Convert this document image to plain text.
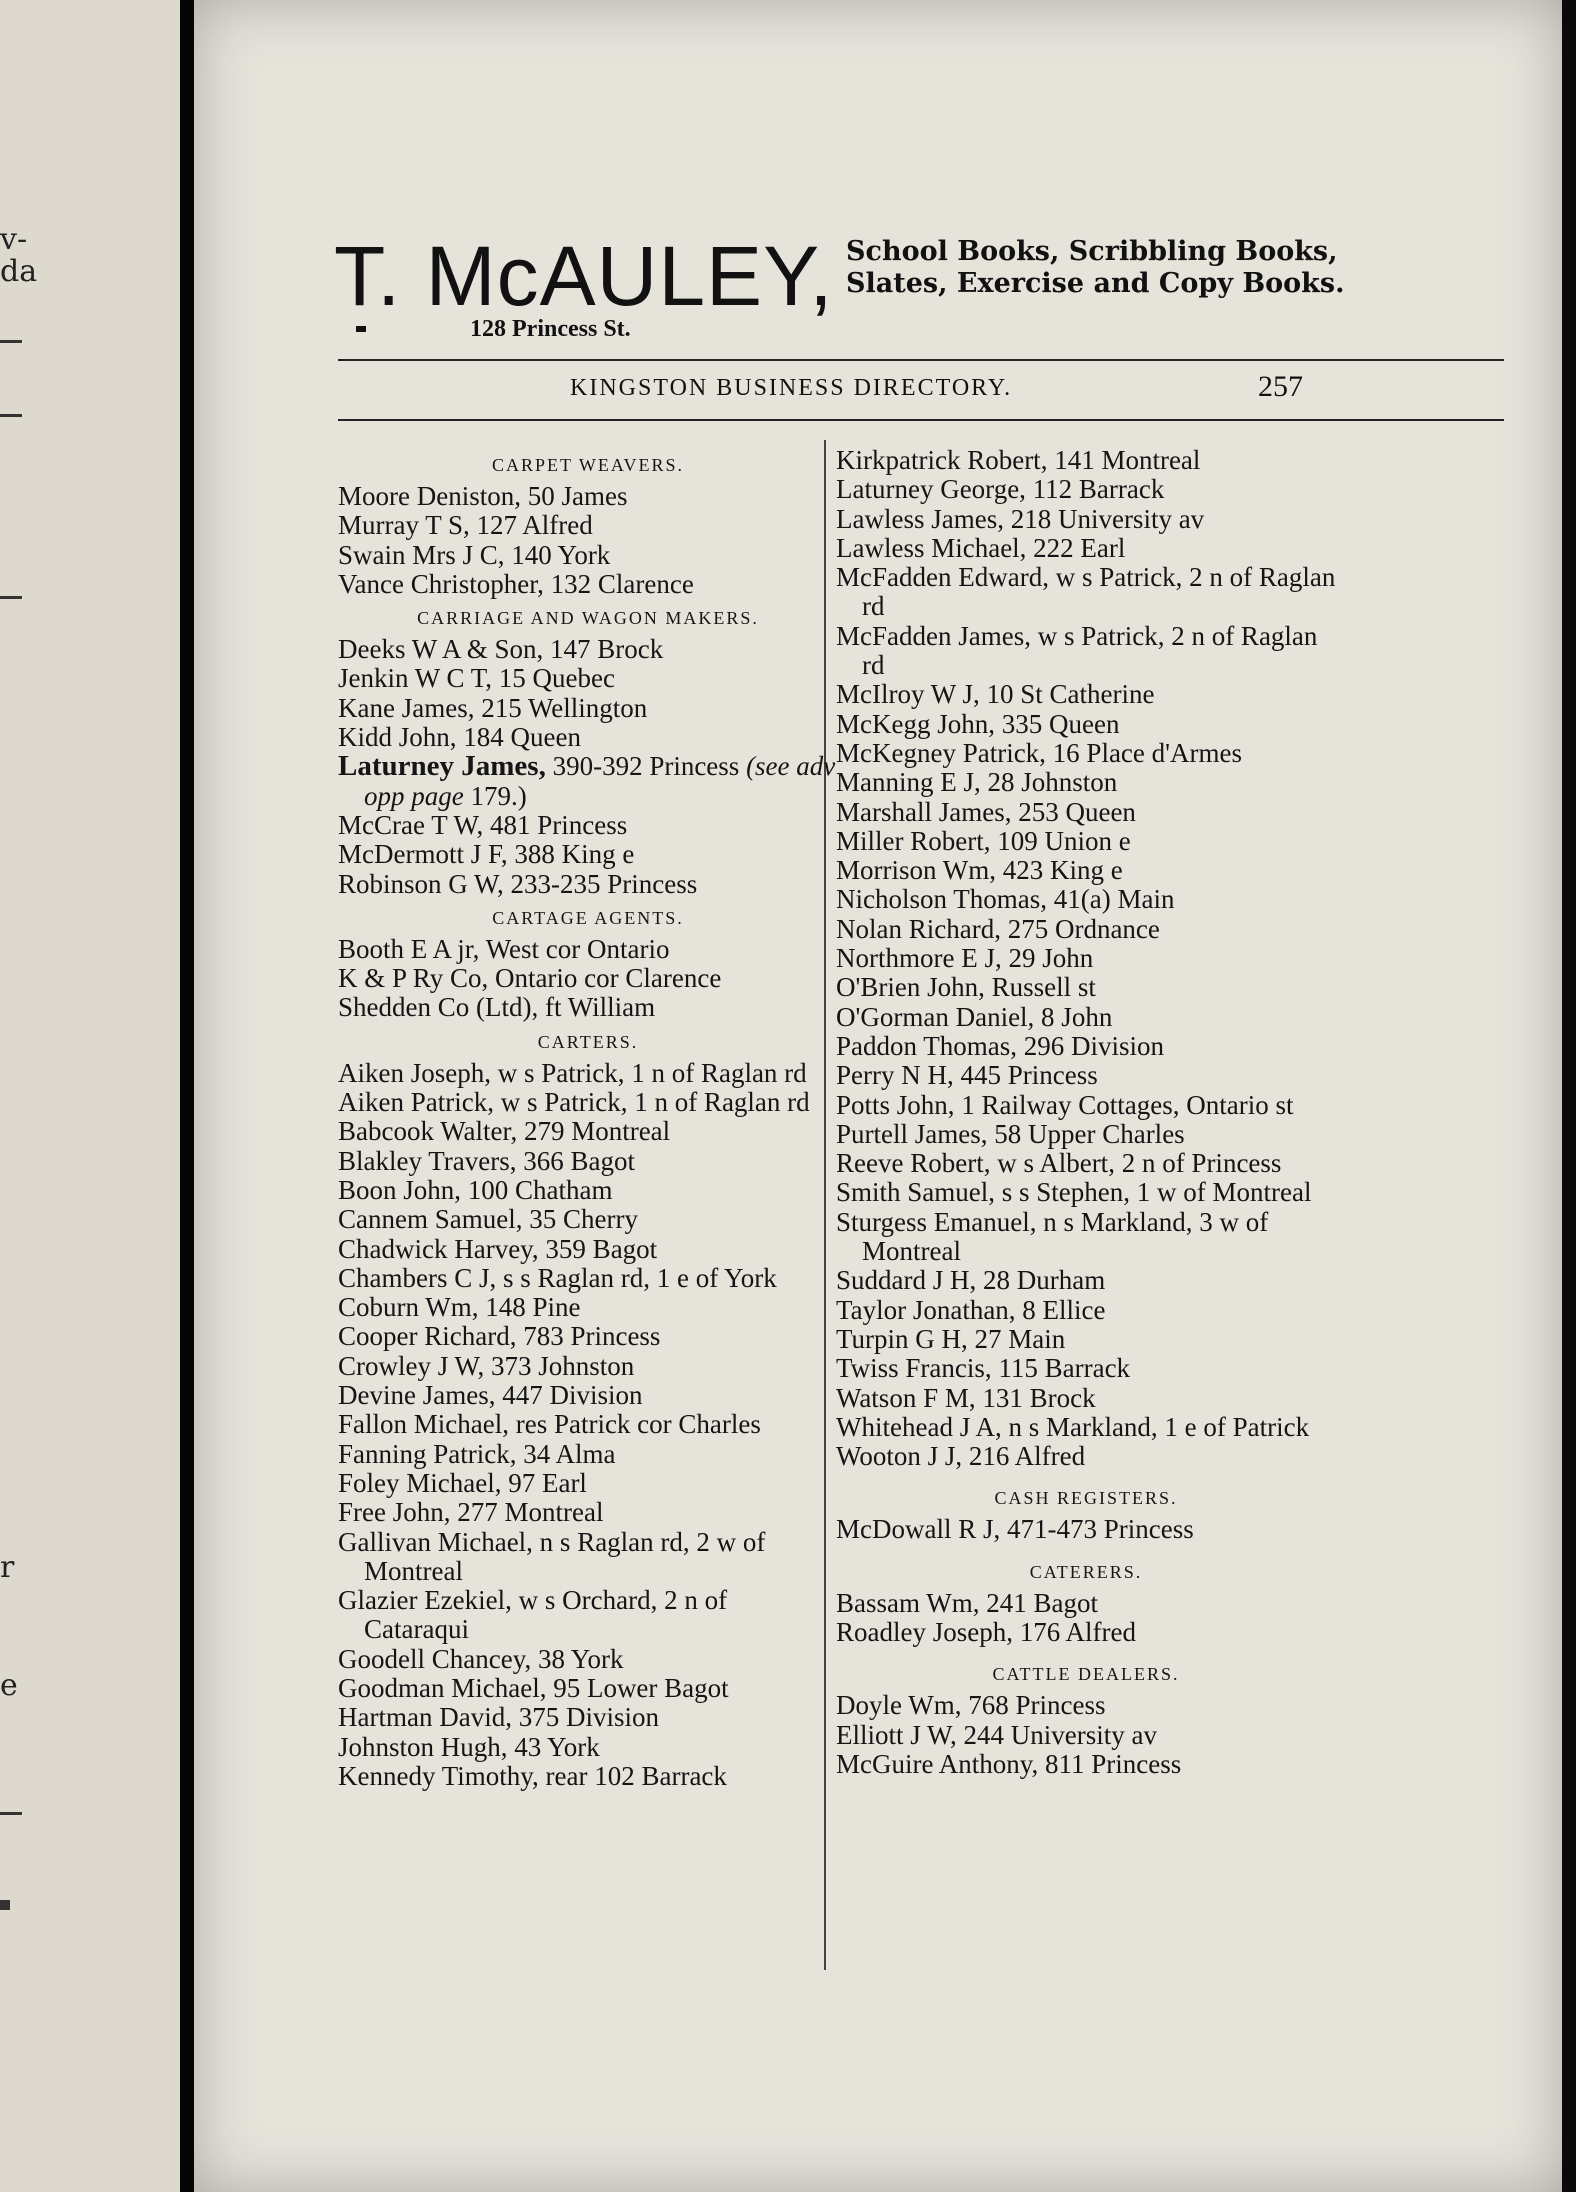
v-
da
r
e
T. McAULEY,
128 Princess St.
School Books, Scribbling Books, Slates, Exercise and Copy Books.
KINGSTON BUSINESS DIRECTORY.	257
CARPET WEAVERS.
Moore Deniston, 50 James
Murray T S, 127 Alfred
Swain Mrs J C, 140 York
Vance Christopher, 132 Clarence
CARRIAGE AND WAGON MAKERS.
Deeks W A & Son, 147 Brock
Jenkin W C T, 15 Quebec
Kane James, 215 Wellington
Kidd John, 184 Queen
Laturney James, 390-392 Princess (see adv opp page 179.)
McCrae T W, 481 Princess
McDermott J F, 388 King e
Robinson G W, 233-235 Princess
CARTAGE AGENTS.
Booth E A jr, West cor Ontario
K & P Ry Co, Ontario cor Clarence
Shedden Co (Ltd), ft William
CARTERS.
Aiken Joseph, w s Patrick, 1 n of Raglan rd
Aiken Patrick, w s Patrick, 1 n of Raglan rd
Babcook Walter, 279 Montreal
Blakley Travers, 366 Bagot
Boon John, 100 Chatham
Cannem Samuel, 35 Cherry
Chadwick Harvey, 359 Bagot
Chambers C J, s s Raglan rd, 1 e of York
Coburn Wm, 148 Pine
Cooper Richard, 783 Princess
Crowley J W, 373 Johnston
Devine James, 447 Division
Fallon Michael, res Patrick cor Charles
Fanning Patrick, 34 Alma
Foley Michael, 97 Earl
Free John, 277 Montreal
Gallivan Michael, n s Raglan rd, 2 w of Montreal
Glazier Ezekiel, w s Orchard, 2 n of Cataraqui
Goodell Chancey, 38 York
Goodman Michael, 95 Lower Bagot
Hartman David, 375 Division
Johnston Hugh, 43 York
Kennedy Timothy, rear 102 Barrack
Kirkpatrick Robert, 141 Montreal
Laturney George, 112 Barrack
Lawless James, 218 University av
Lawless Michael, 222 Earl
McFadden Edward, w s Patrick, 2 n of Raglan rd
McFadden James, w s Patrick, 2 n of Raglan rd
McIlroy W J, 10 St Catherine
McKegg John, 335 Queen
McKegney Patrick, 16 Place d'Armes
Manning E J, 28 Johnston
Marshall James, 253 Queen
Miller Robert, 109 Union e
Morrison Wm, 423 King e
Nicholson Thomas, 41(a) Main
Nolan Richard, 275 Ordnance
Northmore E J, 29 John
O'Brien John, Russell st
O'Gorman Daniel, 8 John
Paddon Thomas, 296 Division
Perry N H, 445 Princess
Potts John, 1 Railway Cottages, Ontario st
Purtell James, 58 Upper Charles
Reeve Robert, w s Albert, 2 n of Princess
Smith Samuel, s s Stephen, 1 w of Montreal
Sturgess Emanuel, n s Markland, 3 w of Montreal
Suddard J H, 28 Durham
Taylor Jonathan, 8 Ellice
Turpin G H, 27 Main
Twiss Francis, 115 Barrack
Watson F M, 131 Brock
Whitehead J A, n s Markland, 1 e of Patrick
Wooton J J, 216 Alfred
CASH REGISTERS.
McDowall R J, 471-473 Princess
CATERERS.
Bassam Wm, 241 Bagot
Roadley Joseph, 176 Alfred
CATTLE DEALERS.
Doyle Wm, 768 Princess
Elliott J W, 244 University av
McGuire Anthony, 811 Princess
